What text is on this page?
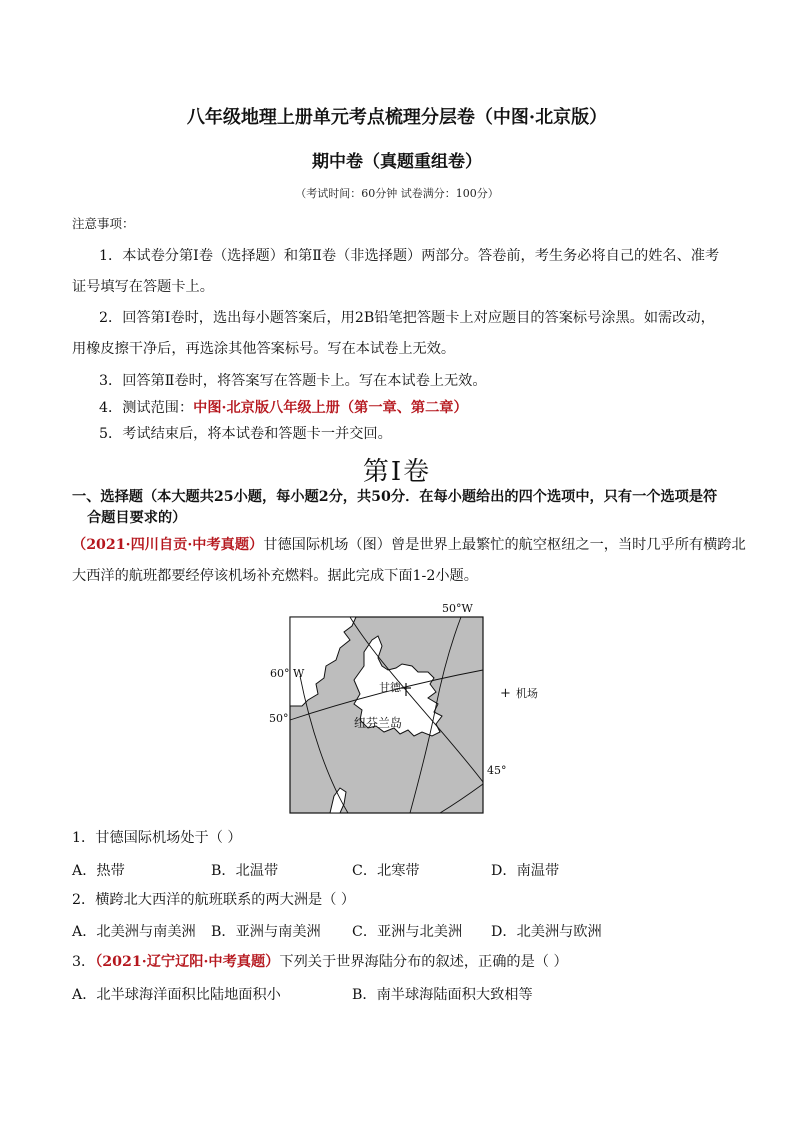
八年级地理上册单元考点梳理分层卷（中图·北京版）
期中卷（真题重组卷）
（考试时间：60分钟 试卷满分：100分）
注意事项：
1．本试卷分第Ⅰ卷（选择题）和第Ⅱ卷（非选择题）两部分。答卷前，考生务必将自己的姓名、准考
证号填写在答题卡上。
2．回答第Ⅰ卷时，选出每小题答案后，用2B铅笔把答题卡上对应题目的答案标号涂黑。如需改动，
用橡皮擦干净后，再选涂其他答案标号。写在本试卷上无效。
3．回答第Ⅱ卷时，将答案写在答题卡上。写在本试卷上无效。
4．测试范围：中图·北京版八年级上册（第一章、第二章）
5．考试结束后，将本试卷和答题卡一并交回。
第Ⅰ卷
一、选择题（本大题共25小题，每小题2分，共50分．在每小题给出的四个选项中，只有一个选项是符
合题目要求的）
（2021·四川自贡·中考真题）甘德国际机场（图）曾是世界上最繁忙的航空枢纽之一，当时几乎所有横跨北
大西洋的航班都要经停该机场补充燃料。据此完成下面1-2小题。
50°W
60° W
50°
45°
甘德
纽芬兰岛
+ 机场
1．甘德国际机场处于（ ）
A．热带	B．北温带	C．北寒带	D．南温带
2．横跨北大西洋的航班联系的两大洲是（ ）
A．北美洲与南美洲 B．亚洲与南美洲 C．亚洲与北美洲 D．北美洲与欧洲
3．（2021·辽宁辽阳·中考真题）下列关于世界海陆分布的叙述，正确的是（ ）
A．北半球海洋面积比陆地面积小	B．南半球海陆面积大致相等
